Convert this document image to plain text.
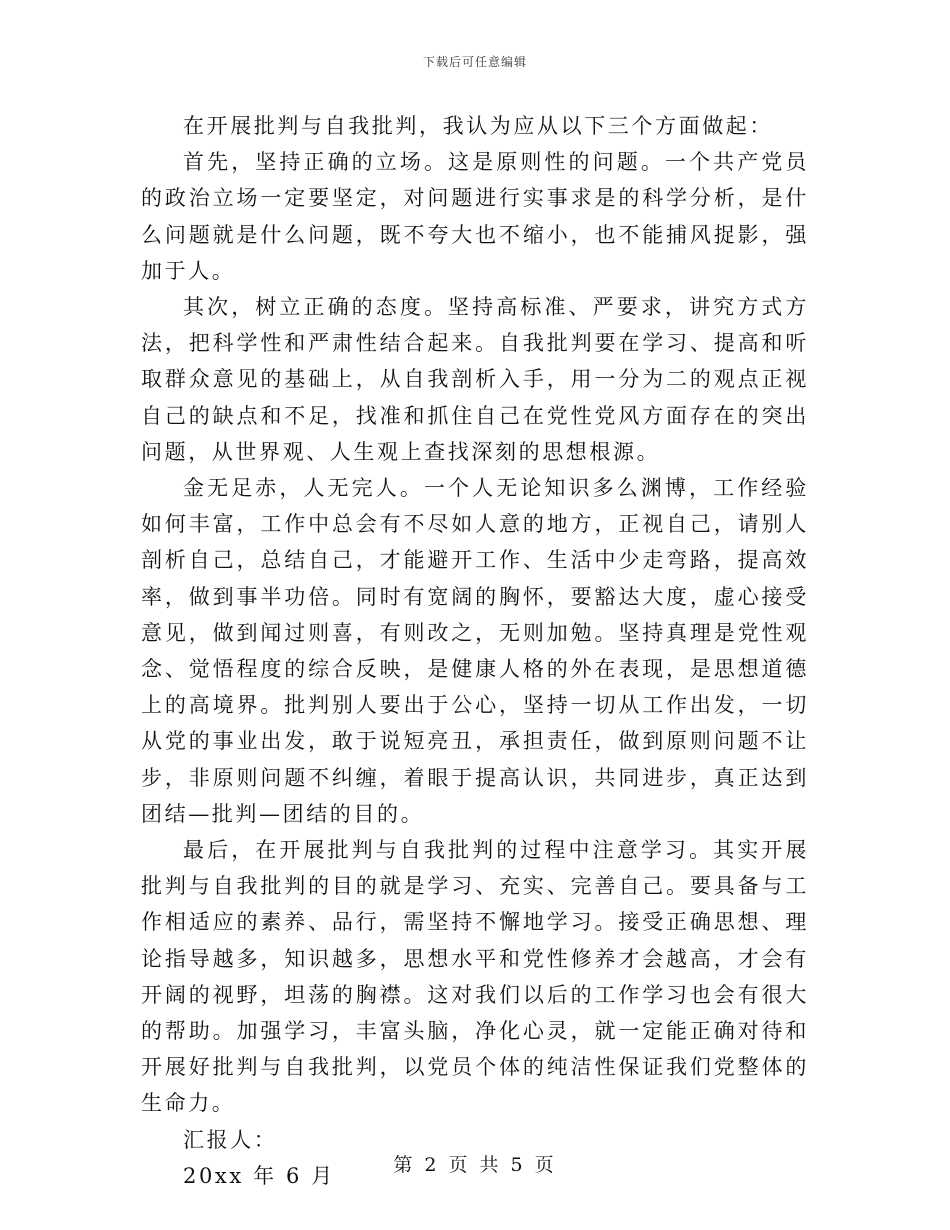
下载后可任意编辑

在开展批判与自我批判，我认为应从以下三个方面做起：

首先，坚持正确的立场。这是原则性的问题。一个共产党员的政治立场一定要坚定，对问题进行实事求是的科学分析，是什么问题就是什么问题，既不夸大也不缩小，也不能捕风捉影，强加于人。

其次，树立正确的态度。坚持高标准、严要求，讲究方式方法，把科学性和严肃性结合起来。自我批判要在学习、提高和听取群众意见的基础上，从自我剖析入手，用一分为二的观点正视自己的缺点和不足，找准和抓住自己在党性党风方面存在的突出问题，从世界观、人生观上查找深刻的思想根源。

金无足赤，人无完人。一个人无论知识多么渊博，工作经验如何丰富，工作中总会有不尽如人意的地方，正视自己，请别人剖析自己，总结自己，才能避开工作、生活中少走弯路，提高效率，做到事半功倍。同时有宽阔的胸怀，要豁达大度，虚心接受意见，做到闻过则喜，有则改之，无则加勉。坚持真理是党性观念、觉悟程度的综合反映，是健康人格的外在表现，是思想道德上的高境界。批判别人要出于公心，坚持一切从工作出发，一切从党的事业出发，敢于说短亮丑，承担责任，做到原则问题不让步，非原则问题不纠缠，着眼于提高认识，共同进步，真正达到团结—批判—团结的目的。

最后，在开展批判与自我批判的过程中注意学习。其实开展批判与自我批判的目的就是学习、充实、完善自己。要具备与工作相适应的素养、品行，需坚持不懈地学习。接受正确思想、理论指导越多，知识越多，思想水平和党性修养才会越高，才会有开阔的视野，坦荡的胸襟。这对我们以后的工作学习也会有很大的帮助。加强学习，丰富头脑，净化心灵，就一定能正确对待和开展好批判与自我批判，以党员个体的纯洁性保证我们党整体的生命力。

汇报人：

20xx 年 6 月	第 2 页 共 5 页
